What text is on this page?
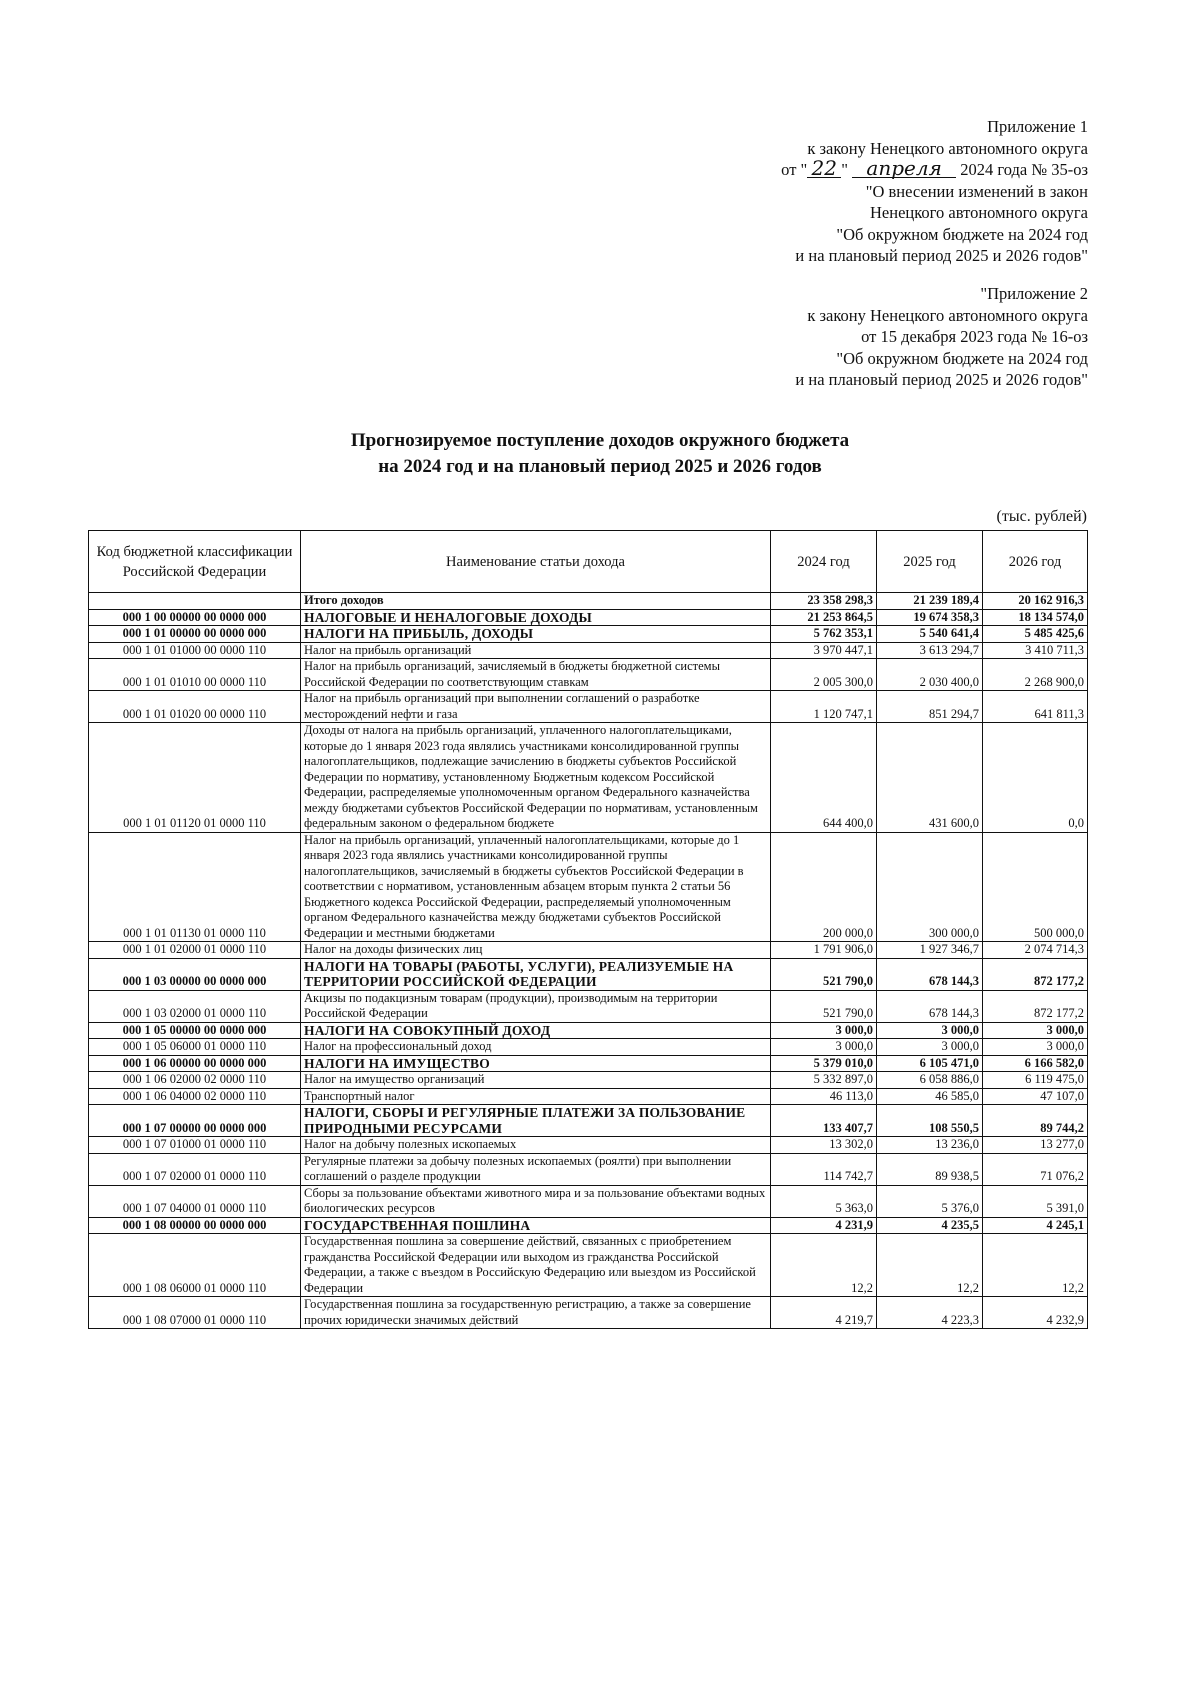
Приложение 1
к закону Ненецкого автономного округа
от " 22 " апреля 2024 года № 35-оз
"О внесении изменений в закон
Ненецкого автономного округа
"Об окружном бюджете на 2024 год
и на плановый период 2025 и 2026 годов"
"Приложение 2
к закону Ненецкого автономного округа
от 15 декабря 2023 года № 16-оз
"Об окружном бюджете на 2024 год
и на плановый период 2025 и 2026 годов"
Прогнозируемое поступление доходов окружного бюджета
на 2024 год и на плановый период 2025 и 2026 годов
(тыс. рублей)
Код бюджетной классификации Российской Федерации	Наименование статьи дохода	2024 год	2025 год	2026 год
	Итого доходов	23 358 298,3	21 239 189,4	20 162 916,3
000 1 00 00000 00 0000 000	НАЛОГОВЫЕ И НЕНАЛОГОВЫЕ ДОХОДЫ	21 253 864,5	19 674 358,3	18 134 574,0
000 1 01 00000 00 0000 000	НАЛОГИ НА ПРИБЫЛЬ, ДОХОДЫ	5 762 353,1	5 540 641,4	5 485 425,6
000 1 01 01000 00 0000 110	Налог на прибыль организаций	3 970 447,1	3 613 294,7	3 410 711,3
000 1 01 01010 00 0000 110	Налог на прибыль организаций, зачисляемый в бюджеты бюджетной системы Российской Федерации по соответствующим ставкам	2 005 300,0	2 030 400,0	2 268 900,0
000 1 01 01020 00 0000 110	Налог на прибыль организаций при выполнении соглашений о разработке месторождений нефти и газа	1 120 747,1	851 294,7	641 811,3
000 1 01 01120 01 0000 110	Доходы от налога на прибыль организаций, уплаченного налогоплательщиками, которые до 1 января 2023 года являлись участниками консолидированной группы налогоплательщиков, подлежащие зачислению в бюджеты субъектов Российской Федерации по нормативу, установленному Бюджетным кодексом Российской Федерации, распределяемые уполномоченным органом Федерального казначейства между бюджетами субъектов Российской Федерации по нормативам, установленным федеральным законом о федеральном бюджете	644 400,0	431 600,0	0,0
000 1 01 01130 01 0000 110	Налог на прибыль организаций, уплаченный налогоплательщиками, которые до 1 января 2023 года являлись участниками консолидированной группы налогоплательщиков, зачисляемый в бюджеты субъектов Российской Федерации в соответствии с нормативом, установленным абзацем вторым пункта 2 статьи 56 Бюджетного кодекса Российской Федерации, распределяемый уполномоченным органом Федерального казначейства между бюджетами субъектов Российской Федерации и местными бюджетами	200 000,0	300 000,0	500 000,0
000 1 01 02000 01 0000 110	Налог на доходы физических лиц	1 791 906,0	1 927 346,7	2 074 714,3
000 1 03 00000 00 0000 000	НАЛОГИ НА ТОВАРЫ (РАБОТЫ, УСЛУГИ), РЕАЛИЗУЕМЫЕ НА ТЕРРИТОРИИ РОССИЙСКОЙ ФЕДЕРАЦИИ	521 790,0	678 144,3	872 177,2
000 1 03 02000 01 0000 110	Акцизы по подакцизным товарам (продукции), производимым на территории Российской Федерации	521 790,0	678 144,3	872 177,2
000 1 05 00000 00 0000 000	НАЛОГИ НА СОВОКУПНЫЙ ДОХОД	3 000,0	3 000,0	3 000,0
000 1 05 06000 01 0000 110	Налог на профессиональный доход	3 000,0	3 000,0	3 000,0
000 1 06 00000 00 0000 000	НАЛОГИ НА ИМУЩЕСТВО	5 379 010,0	6 105 471,0	6 166 582,0
000 1 06 02000 02 0000 110	Налог на имущество организаций	5 332 897,0	6 058 886,0	6 119 475,0
000 1 06 04000 02 0000 110	Транспортный налог	46 113,0	46 585,0	47 107,0
000 1 07 00000 00 0000 000	НАЛОГИ, СБОРЫ И РЕГУЛЯРНЫЕ ПЛАТЕЖИ ЗА ПОЛЬЗОВАНИЕ ПРИРОДНЫМИ РЕСУРСАМИ	133 407,7	108 550,5	89 744,2
000 1 07 01000 01 0000 110	Налог на добычу полезных ископаемых	13 302,0	13 236,0	13 277,0
000 1 07 02000 01 0000 110	Регулярные платежи за добычу полезных ископаемых (роялти) при выполнении соглашений о разделе продукции	114 742,7	89 938,5	71 076,2
000 1 07 04000 01 0000 110	Сборы за пользование объектами животного мира и за пользование объектами водных биологических ресурсов	5 363,0	5 376,0	5 391,0
000 1 08 00000 00 0000 000	ГОСУДАРСТВЕННАЯ ПОШЛИНА	4 231,9	4 235,5	4 245,1
000 1 08 06000 01 0000 110	Государственная пошлина за совершение действий, связанных с приобретением гражданства Российской Федерации или выходом из гражданства Российской Федерации, а также с въездом в Российскую Федерацию или выездом из Российской Федерации	12,2	12,2	12,2
000 1 08 07000 01 0000 110	Государственная пошлина за государственную регистрацию, а также за совершение прочих юридически значимых действий	4 219,7	4 223,3	4 232,9
